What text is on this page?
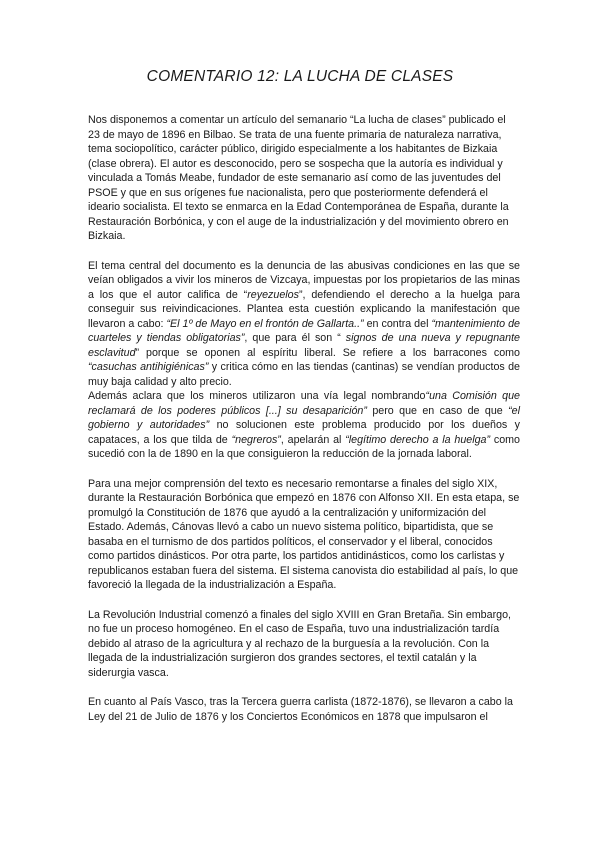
COMENTARIO 12: LA LUCHA DE CLASES

Nos disponemos a comentar un artículo del semanario “La lucha de clases” publicado el 23 de mayo de 1896 en Bilbao. Se trata de una fuente primaria de naturaleza narrativa, tema sociopolítico, carácter público, dirigido especialmente a los habitantes de Bizkaia (clase obrera). El autor es desconocido, pero se sospecha que la autoría es individual y vinculada a Tomás Meabe, fundador de este semanario así como de las juventudes del PSOE y que en sus orígenes fue nacionalista, pero que posteriormente defenderá el ideario socialista. El texto se enmarca en la Edad Contemporánea de España, durante la Restauración Borbónica, y con el auge de la industrialización y del movimiento obrero en Bizkaia.

El tema central del documento es la denuncia de las abusivas condiciones en las que se veían obligados a vivir los mineros de Vizcaya, impuestas por los propietarios de las minas a los que el autor califica de “reyezuelos”, defendiendo el derecho a la huelga para conseguir sus reivindicaciones. Plantea esta cuestión explicando la manifestación que llevaron a cabo: “El 1º de Mayo en el frontón de Gallarta..” en contra del “mantenimiento de cuarteles y tiendas obligatorias”, que para él son “ signos de una nueva y repugnante esclavitud” porque se oponen al espíritu liberal. Se refiere a los barracones como “casuchas antihigiénicas” y critica cómo en las tiendas (cantinas) se vendían productos de muy baja calidad y alto precio.

Además aclara que los mineros utilizaron una vía legal nombrando“una Comisión que reclamará de los poderes públicos [...] su desaparición” pero que en caso de que “el gobierno y autoridades” no solucionen este problema producido por los dueños y capataces, a los que tilda de “negreros”, apelarán al “legítimo derecho a la huelga” como sucedió con la de 1890 en la que consiguieron la reducción de la jornada laboral.

Para una mejor comprensión del texto es necesario remontarse a finales del siglo XIX, durante la Restauración Borbónica que empezó en 1876 con Alfonso XII. En esta etapa, se promulgó la Constitución de 1876 que ayudó a la centralización y uniformización del Estado. Además, Cánovas llevó a cabo un nuevo sistema político, bipartidista, que se basaba en el turnismo de dos partidos políticos, el conservador y el liberal, conocidos como partidos dinásticos. Por otra parte, los partidos antidinásticos, como los carlistas y republicanos estaban fuera del sistema. El sistema canovista dio estabilidad al país, lo que favoreció la llegada de la industrialización a España.

La Revolución Industrial comenzó a finales del siglo XVIII en Gran Bretaña. Sin embargo, no fue un proceso homogéneo. En el caso de España, tuvo una industrialización tardía debido al atraso de la agricultura y al rechazo de la burguesía a la revolución. Con la llegada de la industrialización surgieron dos grandes sectores, el textil catalán y la siderurgia vasca.

En cuanto al País Vasco, tras la Tercera guerra carlista (1872-1876), se llevaron a cabo la Ley del 21 de Julio de 1876 y los Conciertos Económicos en 1878 que impulsaron el
